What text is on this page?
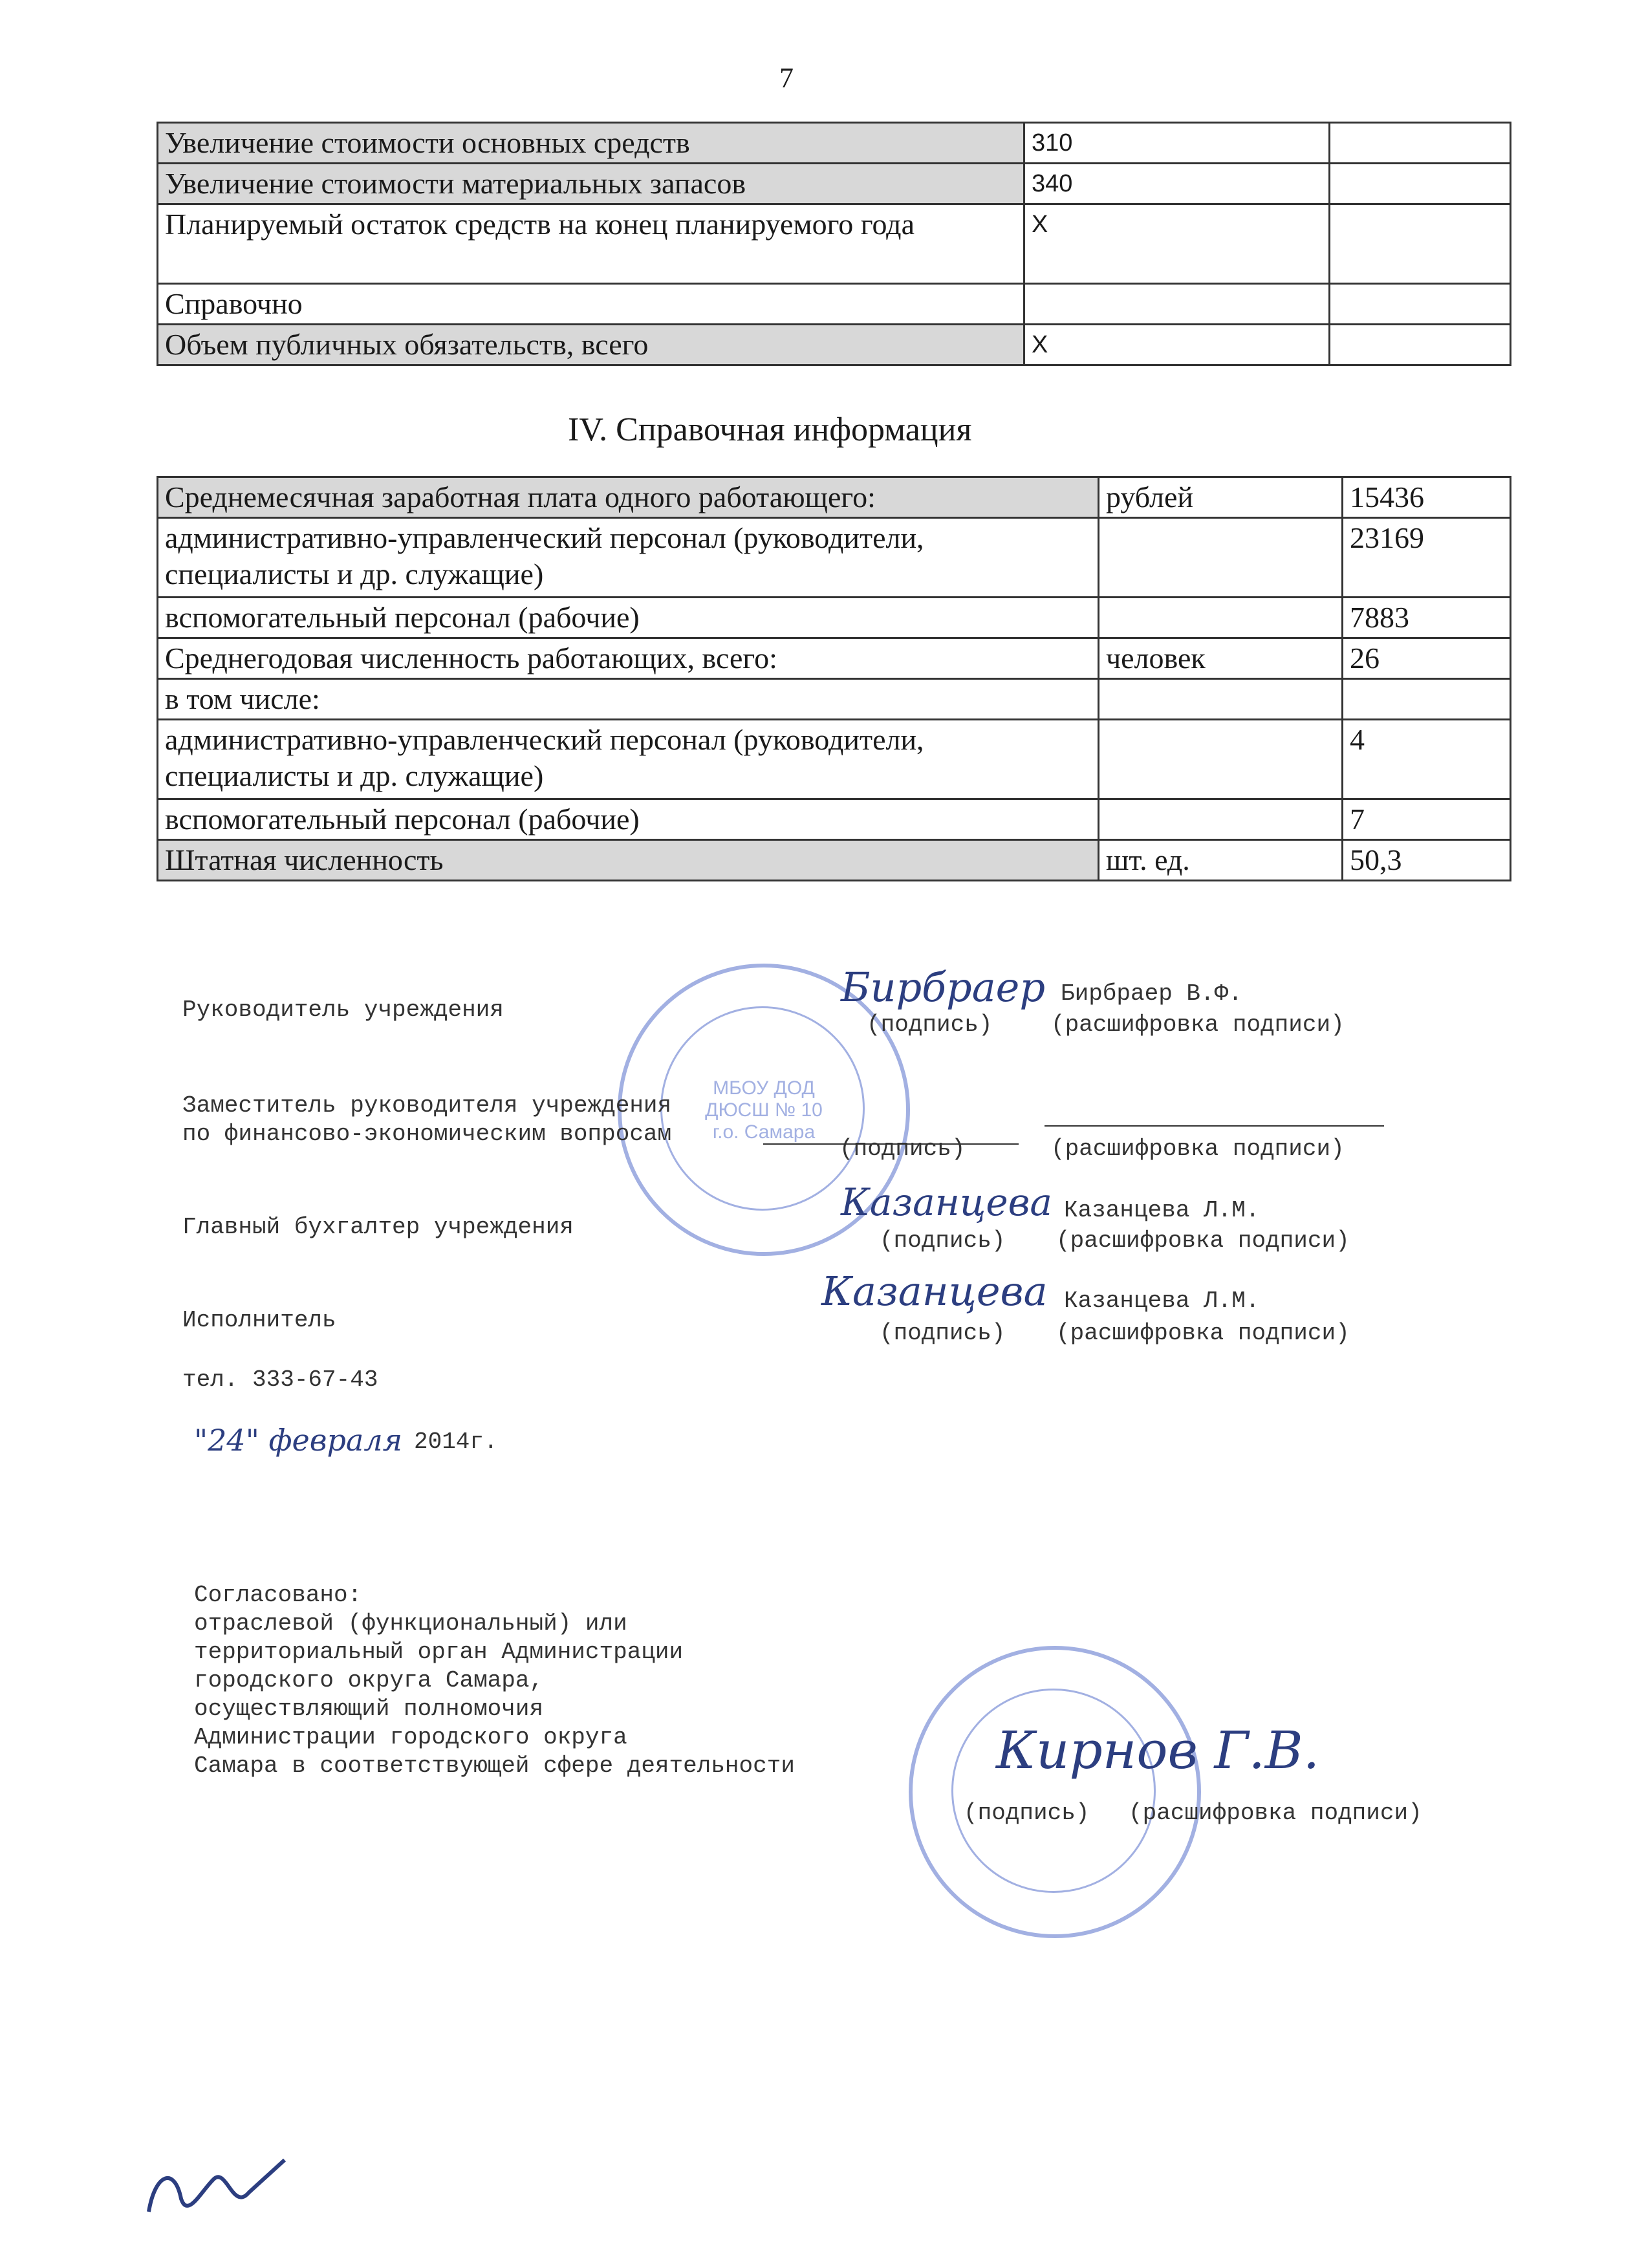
7
Увеличение стоимости основных средств	310	
Увеличение стоимости материальных запасов	340	
Планируемый остаток средств на конец планируемого года	Х	
Справочно		
Объем публичных обязательств, всего	Х	
IV. Справочная информация
Среднемесячная заработная плата одного работающего:	рублей	15436
административно-управленческий персонал (руководители, специалисты и др. служащие)		23169
вспомогательный персонал (рабочие)		7883
Среднегодовая численность работающих, всего:	человек	26
в том числе:		
административно-управленческий персонал (руководители, специалисты и др. служащие)		4
вспомогательный персонал (рабочие)		7
Штатная численность	шт. ед.	50,3
МБОУ ДОД
ДЮСШ № 10
г.о. Самара
Руководитель учреждения	Бирбраер Бирбраер В.Ф.
(подпись)	(расшифровка подписи)
Заместитель руководителя учреждения
по финансово-экономическим вопросам
(подпись)	(расшифровка подписи)
Главный бухгалтер учреждения
Казанцева Казанцева Л.М.
(подпись) (расшифровка подписи)
Исполнитель
Казанцева Казанцева Л.М.
(подпись) (расшифровка подписи)
тел. 333-67-43
"24" февраля 2014г.
Согласовано:
отраслевой (функциональный) или
территориальный орган Администрации
городского округа Самара,
осуществляющий полномочия
Администрации городского округа
Самара в соответствующей сфере деятельности	Кирнов Г.В.
(подпись) (расшифровка подписи)
